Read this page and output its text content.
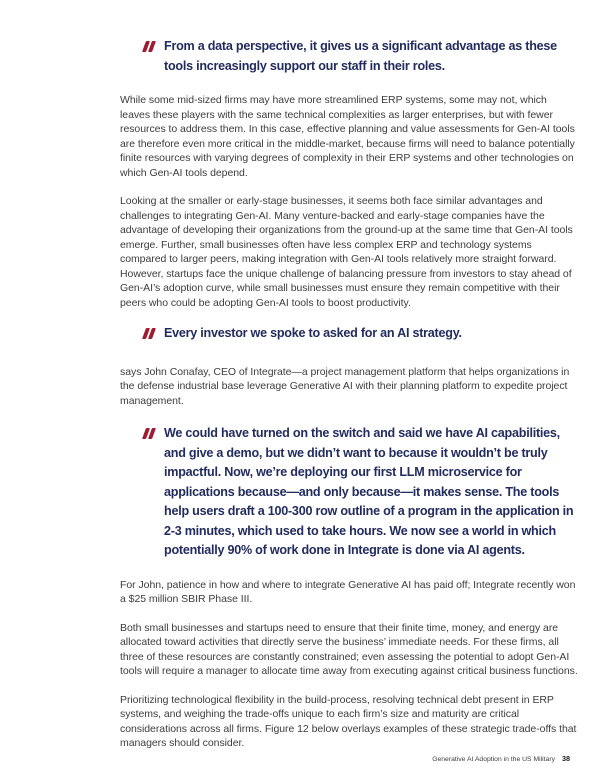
From a data perspective, it gives us a significant advantage as these tools increasingly support our staff in their roles.

While some mid-sized firms may have more streamlined ERP systems, some may not, which leaves these players with the same technical complexities as larger enterprises, but with fewer resources to address them. In this case, effective planning and value assessments for Gen-AI tools are therefore even more critical in the middle-market, because firms will need to balance potentially finite resources with varying degrees of complexity in their ERP systems and other technologies on which Gen-AI tools depend.

Looking at the smaller or early-stage businesses, it seems both face similar advantages and challenges to integrating Gen-AI. Many venture-backed and early-stage companies have the advantage of developing their organizations from the ground-up at the same time that Gen-AI tools emerge. Further, small businesses often have less complex ERP and technology systems compared to larger peers, making integration with Gen-AI tools relatively more straight forward. However, startups face the unique challenge of balancing pressure from investors to stay ahead of Gen-AI’s adoption curve, while small businesses must ensure they remain competitive with their peers who could be adopting Gen-AI tools to boost productivity.

Every investor we spoke to asked for an AI strategy.

says John Conafay, CEO of Integrate—a project management platform that helps organizations in the defense industrial base leverage Generative AI with their planning platform to expedite project management.

We could have turned on the switch and said we have AI capabilities, and give a demo, but we didn’t want to because it wouldn’t be truly impactful. Now, we’re deploying our first LLM microservice for applications because—and only because—it makes sense. The tools help users draft a 100-300 row outline of a program in the application in 2-3 minutes, which used to take hours. We now see a world in which potentially 90% of work done in Integrate is done via AI agents.

For John, patience in how and where to integrate Generative AI has paid off; Integrate recently won a $25 million SBIR Phase III.

Both small businesses and startups need to ensure that their finite time, money, and energy are allocated toward activities that directly serve the business’ immediate needs. For these firms, all three of these resources are constantly constrained; even assessing the potential to adopt Gen-AI tools will require a manager to allocate time away from executing against critical business functions.

Prioritizing technological flexibility in the build-process, resolving technical debt present in ERP systems, and weighing the trade-offs unique to each firm’s size and maturity are critical considerations across all firms. Figure 12 below overlays examples of these strategic trade-offs that managers should consider.

Generative AI Adoption in the US Military 38
